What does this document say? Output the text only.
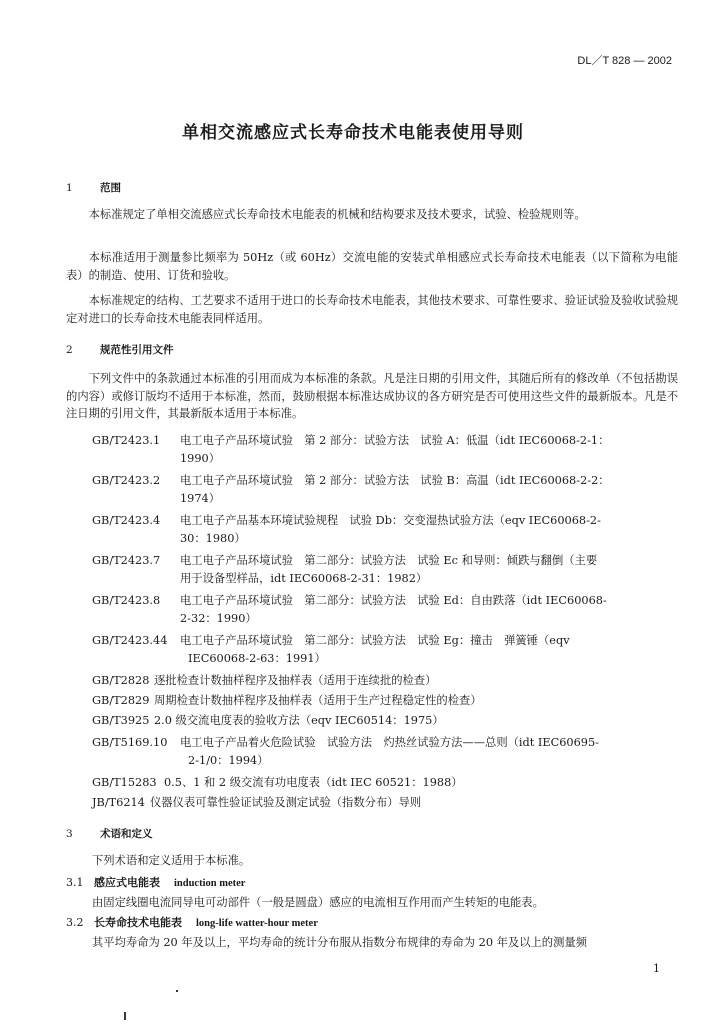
DL／T 828 — 2002
单相交流感应式长寿命技术电能表使用导则
1	范围
本标准规定了单相交流感应式长寿命技术电能表的机械和结构要求及技术要求，试验、检验规则等。
本标准适用于测量参比频率为 50Hz（或 60Hz）交流电能的安装式单相感应式长寿命技术电能表（以下简称为电能表）的制造、使用、订货和验收。
本标准规定的结构、工艺要求不适用于进口的长寿命技术电能表，其他技术要求、可靠性要求、验证试验及验收试验规定对进口的长寿命技术电能表同样适用。
2	规范性引用文件
下列文件中的条款通过本标准的引用而成为本标准的条款。凡是注日期的引用文件，其随后所有的修改单（不包括勘误的内容）或修订版均不适用于本标准，然而，鼓励根据本标准达成协议的各方研究是否可使用这些文件的最新版本。凡是不注日期的引用文件，其最新版本适用于本标准。
GB/T2423.1 电工电子产品环境试验　第 2 部分：试验方法　试验 A：低温（idt IEC60068-2-1：
1990）
GB/T2423.2 电工电子产品环境试验　第 2 部分：试验方法　试验 B：高温（idt IEC60068-2-2：
1974）
GB/T2423.4 电工电子产品基本环境试验规程　试验 Db：交变湿热试验方法（eqv IEC60068-2-
30：1980）
GB/T2423.7 电工电子产品环境试验　第二部分：试验方法　试验 Ec 和导则：倾跌与翻倒（主要
用于设备型样品，idt IEC60068-2-31：1982）
GB/T2423.8 电工电子产品环境试验　第二部分：试验方法　试验 Ed：自由跌落（idt IEC60068-
2-32：1990）
GB/T2423.44 电工电子产品环境试验　第二部分：试验方法　试验 Eg：撞击　弹簧锤（eqv
IEC60068-2-63：1991）
GB/T2828 逐批检查计数抽样程序及抽样表（适用于连续批的检查）
GB/T2829 周期检查计数抽样程序及抽样表（适用于生产过程稳定性的检查）
GB/T3925 2.0 级交流电度表的验收方法（eqv IEC60514：1975）
GB/T5169.10 电工电子产品着火危险试验　试验方法　灼热丝试验方法——总则（idt IEC60695-
2-1/0：1994）
GB/T15283 0.5、1 和 2 级交流有功电度表（idt IEC 60521：1988）
JB/T6214 仪器仪表可靠性验证试验及测定试验（指数分布）导则
3	术语和定义
下列术语和定义适用于本标准。
3.1 感应式电能表 induction meter
由固定线圈电流同导电可动部件（一般是圆盘）感应的电流相互作用而产生转矩的电能表。
3.2 长寿命技术电能表 long-life watter-hour meter
其平均寿命为 20 年及以上，平均寿命的统计分布服从指数分布规律的寿命为 20 年及以上的测量频
1
